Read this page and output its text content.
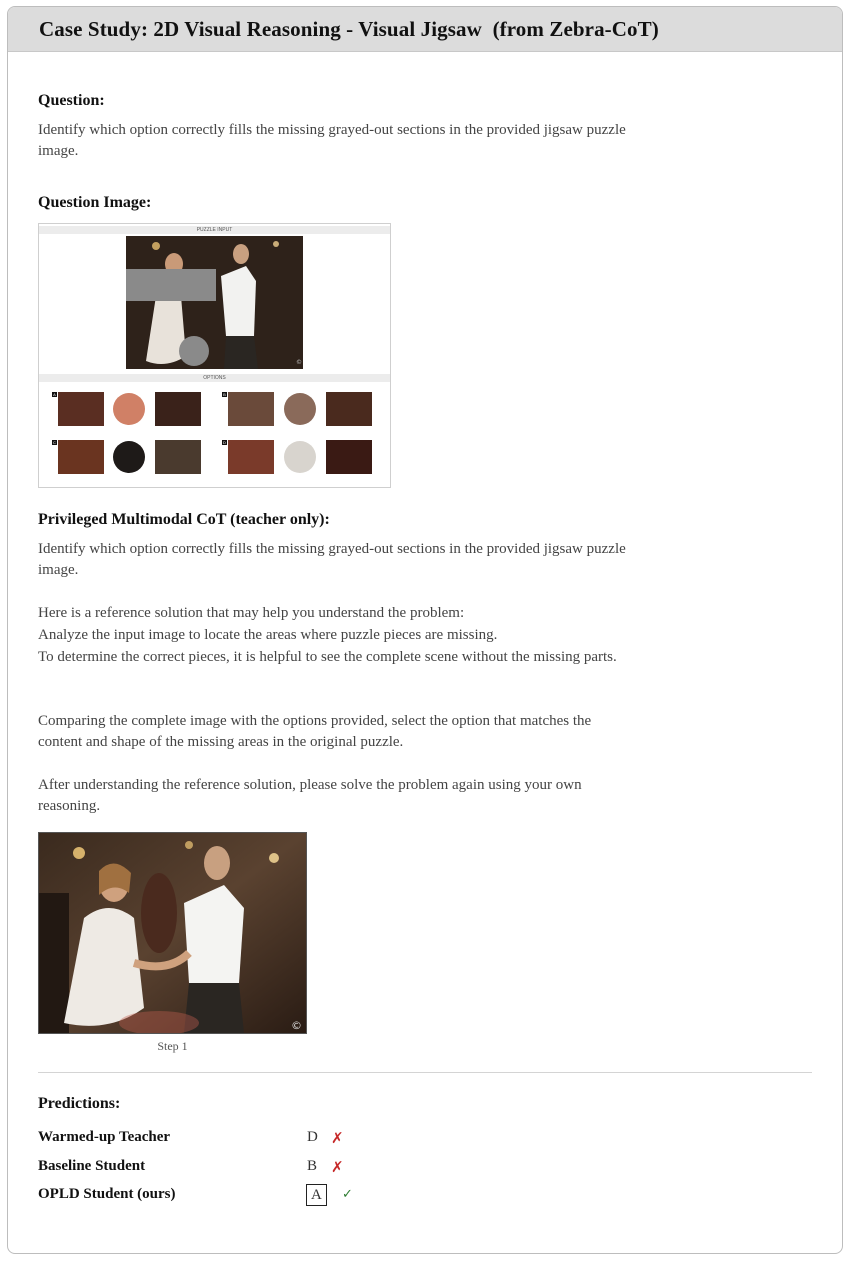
Case Study: 2D Visual Reasoning - Visual Jigsaw  (from Zebra-CoT)
Question:
Identify which option correctly fills the missing grayed-out sections in the provided jigsaw puzzle image.
Question Image:
PUZZLE INPUT
©
OPTIONS
A	B
C	D
Privileged Multimodal CoT (teacher only):
Identify which option correctly fills the missing grayed-out sections in the provided jigsaw puzzle image.
Here is a reference solution that may help you understand the problem:
Analyze the input image to locate the areas where puzzle pieces are missing.
To determine the correct pieces, it is helpful to see the complete scene without the missing parts.
Comparing the complete image with the options provided, select the option that matches the content and shape of the missing areas in the original puzzle.
After understanding the reference solution, please solve the problem again using your own reasoning.
©
Step 1
Predictions:
Warmed-up Teacher	D ✗
Baseline Student	B ✗
OPLD Student (ours)	A	✓
